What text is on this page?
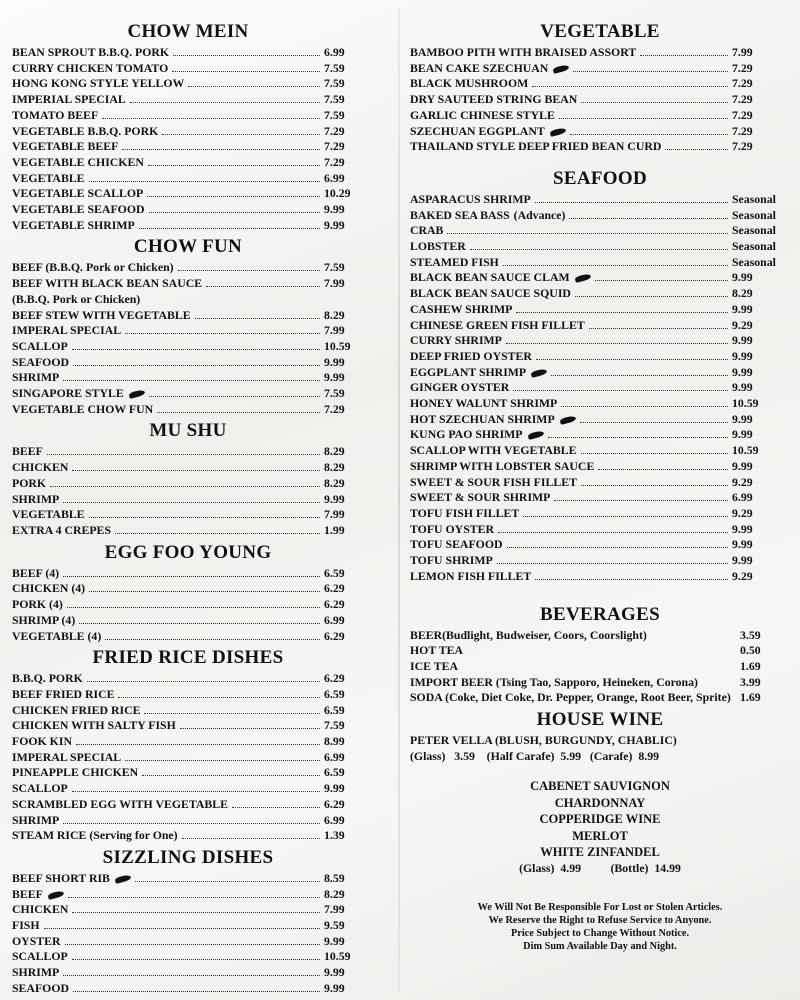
CHOW MEIN
BEAN SPROUT B.B.Q. PORK	6.99
CURRY CHICKEN TOMATO	7.59
HONG KONG STYLE YELLOW	7.59
IMPERIAL SPECIAL	7.59
TOMATO BEEF	7.59
VEGETABLE B.B.Q. PORK	7.29
VEGETABLE BEEF	7.29
VEGETABLE CHICKEN	7.29
VEGETABLE	6.99
VEGETABLE SCALLOP	10.29
VEGETABLE SEAFOOD	9.99
VEGETABLE SHRIMP	9.99
CHOW FUN
BEEF (B.B.Q. Pork or Chicken)	7.59
BEEF WITH BLACK BEAN SAUCE	7.99
(B.B.Q. Pork or Chicken)
BEEF STEW WITH VEGETABLE	8.29
IMPERAL SPECIAL	7.99
SCALLOP	10.59
SEAFOOD	9.99
SHRIMP	9.99
SINGAPORE STYLE	7.59
VEGETABLE CHOW FUN	7.29
MU SHU
BEEF	8.29
CHICKEN	8.29
PORK	8.29
SHRIMP	9.99
VEGETABLE	7.99
EXTRA 4 CREPES	1.99
EGG FOO YOUNG
BEEF (4)	6.59
CHICKEN (4)	6.29
PORK (4)	6.29
SHRIMP (4)	6.99
VEGETABLE (4)	6.29
FRIED RICE DISHES
B.B.Q. PORK	6.29
BEEF FRIED RICE	6.59
CHICKEN FRIED RICE	6.59
CHICKEN WITH SALTY FISH	7.59
FOOK KIN	8.99
IMPERAL SPECIAL	6.99
PINEAPPLE CHICKEN	6.59
SCALLOP	9.99
SCRAMBLED EGG WITH VEGETABLE	6.29
SHRIMP	6.99
STEAM RICE (Serving for One)	1.39
SIZZLING DISHES
BEEF SHORT RIB	8.59
BEEF	8.29
CHICKEN	7.99
FISH	9.59
OYSTER	9.99
SCALLOP	10.59
SHRIMP	9.99
SEAFOOD	9.99
VEGETABLE
BAMBOO PITH WITH BRAISED ASSORT	7.99
BEAN CAKE SZECHUAN	7.29
BLACK MUSHROOM	7.29
DRY SAUTEED STRING BEAN	7.29
GARLIC CHINESE STYLE	7.29
SZECHUAN EGGPLANT	7.29
THAILAND STYLE DEEP FRIED BEAN CURD	7.29
SEAFOOD
ASPARACUS SHRIMP	Seasonal
BAKED SEA BASS (Advance)	Seasonal
CRAB	Seasonal
LOBSTER	Seasonal
STEAMED FISH	Seasonal
BLACK BEAN SAUCE CLAM	9.99
BLACK BEAN SAUCE SQUID	8.29
CASHEW SHRIMP	9.99
CHINESE GREEN FISH FILLET	9.29
CURRY SHRIMP	9.99
DEEP FRIED OYSTER	9.99
EGGPLANT SHRIMP	9.99
GINGER OYSTER	9.99
HONEY WALUNT SHRIMP	10.59
HOT SZECHUAN SHRIMP	9.99
KUNG PAO SHRIMP	9.99
SCALLOP WITH VEGETABLE	10.59
SHRIMP WITH LOBSTER SAUCE	9.99
SWEET & SOUR FISH FILLET	9.29
SWEET & SOUR SHRIMP	6.99
TOFU FISH FILLET	9.29
TOFU OYSTER	9.99
TOFU SEAFOOD	9.99
TOFU SHRIMP	9.99
LEMON FISH FILLET	9.29
BEVERAGES
BEER(Budlight, Budweiser, Coors, Coorslight)	3.59
HOT TEA	0.50
ICE TEA	1.69
IMPORT BEER (Tsing Tao, Sapporo, Heineken, Corona)	3.99
SODA (Coke, Diet Coke, Dr. Pepper, Orange, Root Beer, Sprite) 1.69
HOUSE WINE
PETER VELLA (BLUSH, BURGUNDY, CHABLIC)
(Glass)   3.59    (Half Carafe)  5.99   (Carafe)  8.99
CABENET SAUVIGNON
CHARDONNAY
COPPERIDGE WINE
MERLOT
WHITE ZINFANDEL
(Glass)  4.99          (Bottle)  14.99
We Will Not Be Responsible For Lost or Stolen Articles.
We Reserve the Right to Refuse Service to Anyone.
Price Subject to Change Without Notice.
Dim Sum Available Day and Night.
